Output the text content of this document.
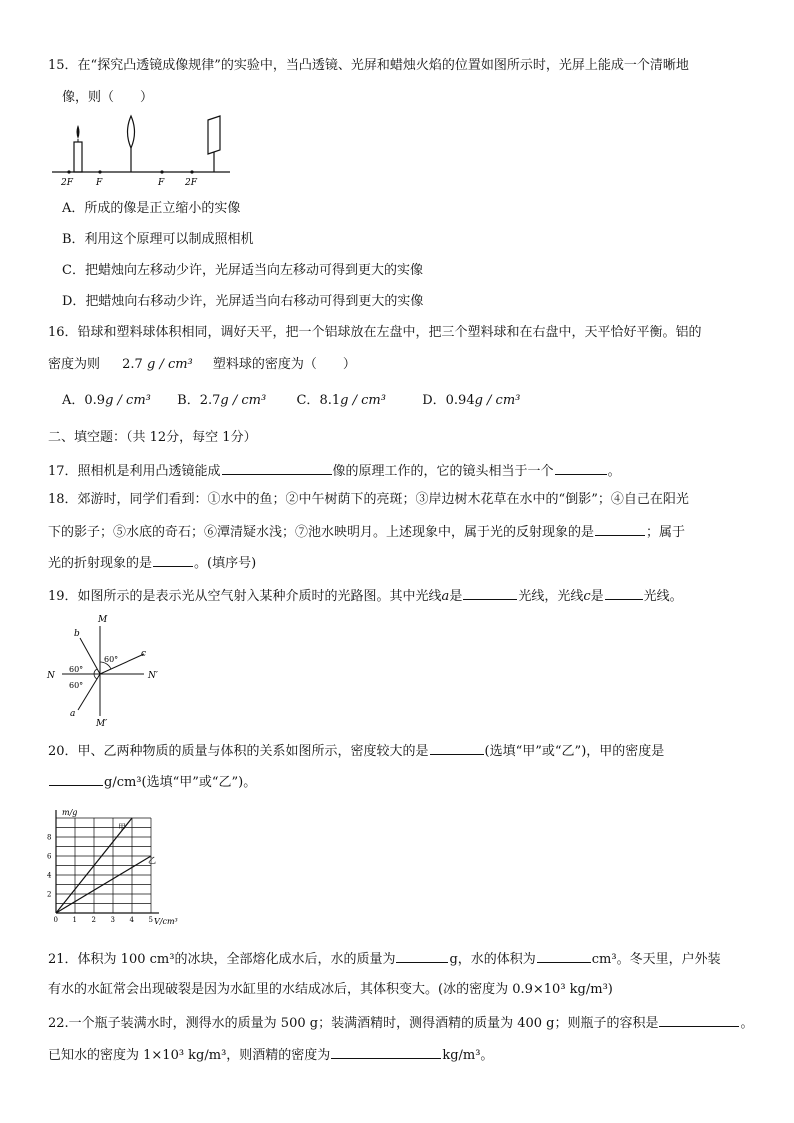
15．在“探究凸透镜成像规律”的实验中，当凸透镜、光屏和蜡烛火焰的位置如图所示时，光屏上能成一个清晰地
像，则（　　）
2F	F	F 2F
A．所成的像是正立缩小的实像
B．利用这个原理可以制成照相机
C．把蜡烛向左移动少许，光屏适当向左移动可得到更大的实像
D．把蜡烛向右移动少许，光屏适当向右移动可得到更大的实像
16．铅球和塑料球体积相同，调好天平，把一个铝球放在左盘中，把三个塑料球和在右盘中，天平恰好平衡。铝的
密度为则 2.7 g / cm³ 塑料球的密度为（　　）
A．0.9g / cm³ B．2.7g / cm³ C．8.1g / cm³	D．0.94g / cm³
二、填空题：（共 12分，每空 1分）
17．照相机是利用凸透镜能成	像的原理工作的，它的镜头相当于一个	。
18．郊游时，同学们看到：①水中的鱼；②中午树荫下的亮斑；③岸边树木花草在水中的“倒影”；④自己在阳光
下的影子；⑤水底的奇石；⑥潭清疑水浅；⑦池水映明月。上述现象中，属于光的反射现象的是	；属于
光的折射现象的是	。(填序号)
19．如图所示的是表示光从空气射入某种介质时的光路图。其中光线a是	光线，光线c是	光线。
M
M′
N	N′
b
a
c
60°
60°
60°
20．甲、乙两种物质的质量与体积的关系如图所示，密度较大的是	(选填“甲”或“乙”)，甲的密度是
g/cm³(选填“甲”或“乙”)。
0 1 2 3 4 5
2
4
6
8
甲
乙
m/g
V/cm³
21．体积为 100 cm³的冰块，全部熔化成水后，水的质量为	g，水的体积为	cm³。冬天里，户外装
有水的水缸常会出现破裂是因为水缸里的水结成冰后，其体积变大。(冰的密度为 0.9×10³ kg/m³)
22.一个瓶子装满水时，测得水的质量为 500 g；装满酒精时，测得酒精的质量为 400 g；则瓶子的容积是	。
已知水的密度为 1×10³ kg/m³，则酒精的密度为	kg/m³。
